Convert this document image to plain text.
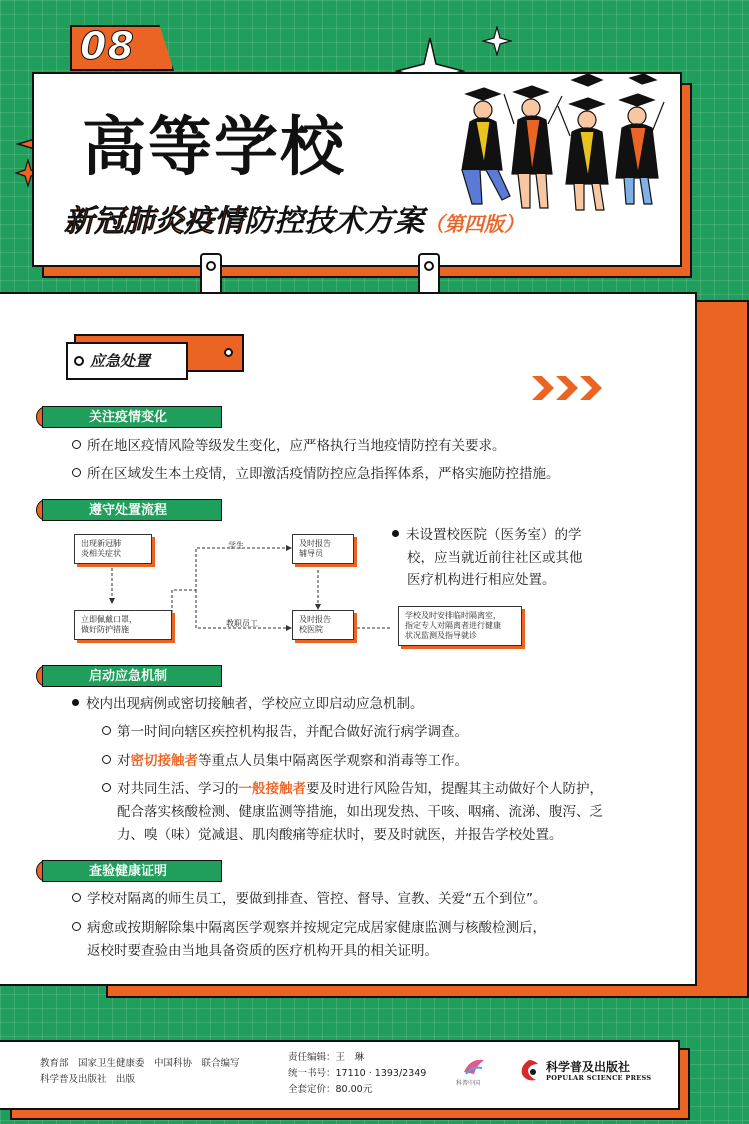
08
高等学校
新冠肺炎疫情防控技术方案（第四版）
应急处置
关注疫情变化
所在地区疫情风险等级发生变化，应严格执行当地疫情防控有关要求。
所在区域发生本土疫情，立即激活疫情防控应急指挥体系，严格实施防控措施。
遵守处置流程
出现新冠肺
炎相关症状
立即佩戴口罩，
做好防护措施
学生
教职员工
及时报告
辅导员
及时报告
校医院
学校及时安排临时隔离室，
指定专人对隔离者进行健康
状况监测及指导就诊
未设置校医院（医务室）的学
校，应当就近前往社区或其他
医疗机构进行相应处置。
启动应急机制
校内出现病例或密切接触者，学校应立即启动应急机制。
第一时间向辖区疾控机构报告，并配合做好流行病学调查。
对密切接触者等重点人员集中隔离医学观察和消毒等工作。
对共同生活、学习的一般接触者要及时进行风险告知，提醒其主动做好个人防护，
配合落实核酸检测、健康监测等措施，如出现发热、干咳、咽痛、流涕、腹泻、乏
力、嗅（味）觉减退、肌肉酸痛等症状时，要及时就医，并报告学校处置。
查验健康证明
学校对隔离的师生员工，要做到排查、管控、督导、宣教、关爱“五个到位”。
病愈或按期解除集中隔离医学观察并按规定完成居家健康监测与核酸检测后，
返校时要查验由当地具备资质的医疗机构开具的相关证明。
教育部　国家卫生健康委　中国科协　联合编写
科学普及出版社　出版
责任编辑：王　琳
统一书号：17110 · 1393/2349
全套定价：80.00元
科普中国
科学普及出版社
POPULAR SCIENCE PRESS
